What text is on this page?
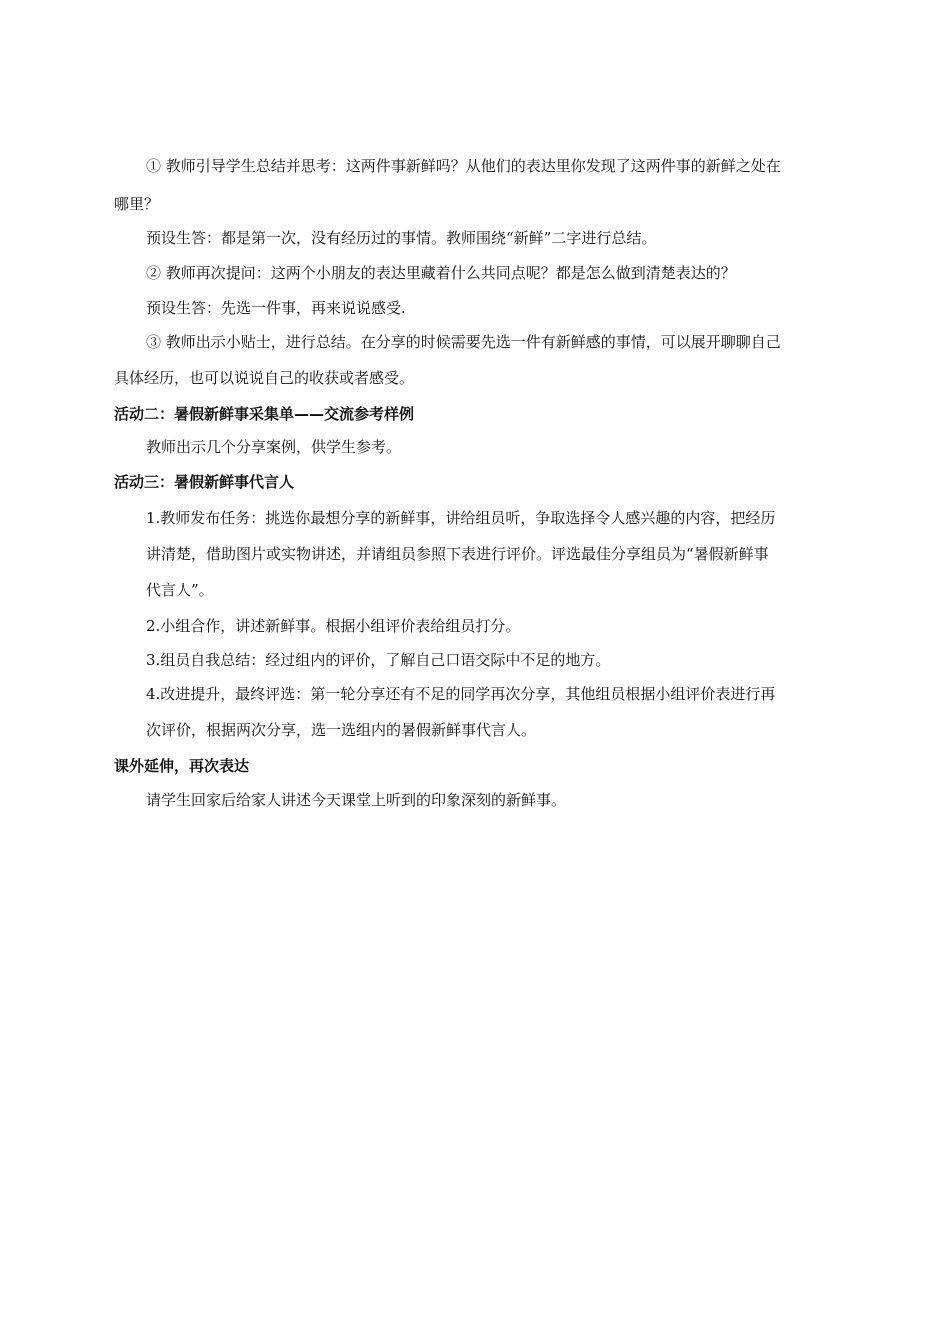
① 教师引导学生总结并思考：这两件事新鲜吗？从他们的表达里你发现了这两件事的新鲜之处在
哪里？
预设生答：都是第一次，没有经历过的事情。教师围绕“新鲜”二字进行总结。
② 教师再次提问：这两个小朋友的表达里藏着什么共同点呢？都是怎么做到清楚表达的？
预设生答：先选一件事，再来说说感受.
③ 教师出示小贴士，进行总结。在分享的时候需要先选一件有新鲜感的事情，可以展开聊聊自己
具体经历，也可以说说自己的收获或者感受。
活动二：暑假新鲜事采集单——交流参考样例
教师出示几个分享案例，供学生参考。
活动三：暑假新鲜事代言人
1.教师发布任务：挑选你最想分享的新鲜事，讲给组员听，争取选择令人感兴趣的内容，把经历
讲清楚，借助图片或实物讲述，并请组员参照下表进行评价。评选最佳分享组员为“暑假新鲜事
代言人”。
2.小组合作，讲述新鲜事。根据小组评价表给组员打分。
3.组员自我总结：经过组内的评价，了解自己口语交际中不足的地方。
4.改进提升，最终评选：第一轮分享还有不足的同学再次分享，其他组员根据小组评价表进行再
次评价，根据两次分享，选一选组内的暑假新鲜事代言人。
课外延伸，再次表达
请学生回家后给家人讲述今天课堂上听到的印象深刻的新鲜事。
